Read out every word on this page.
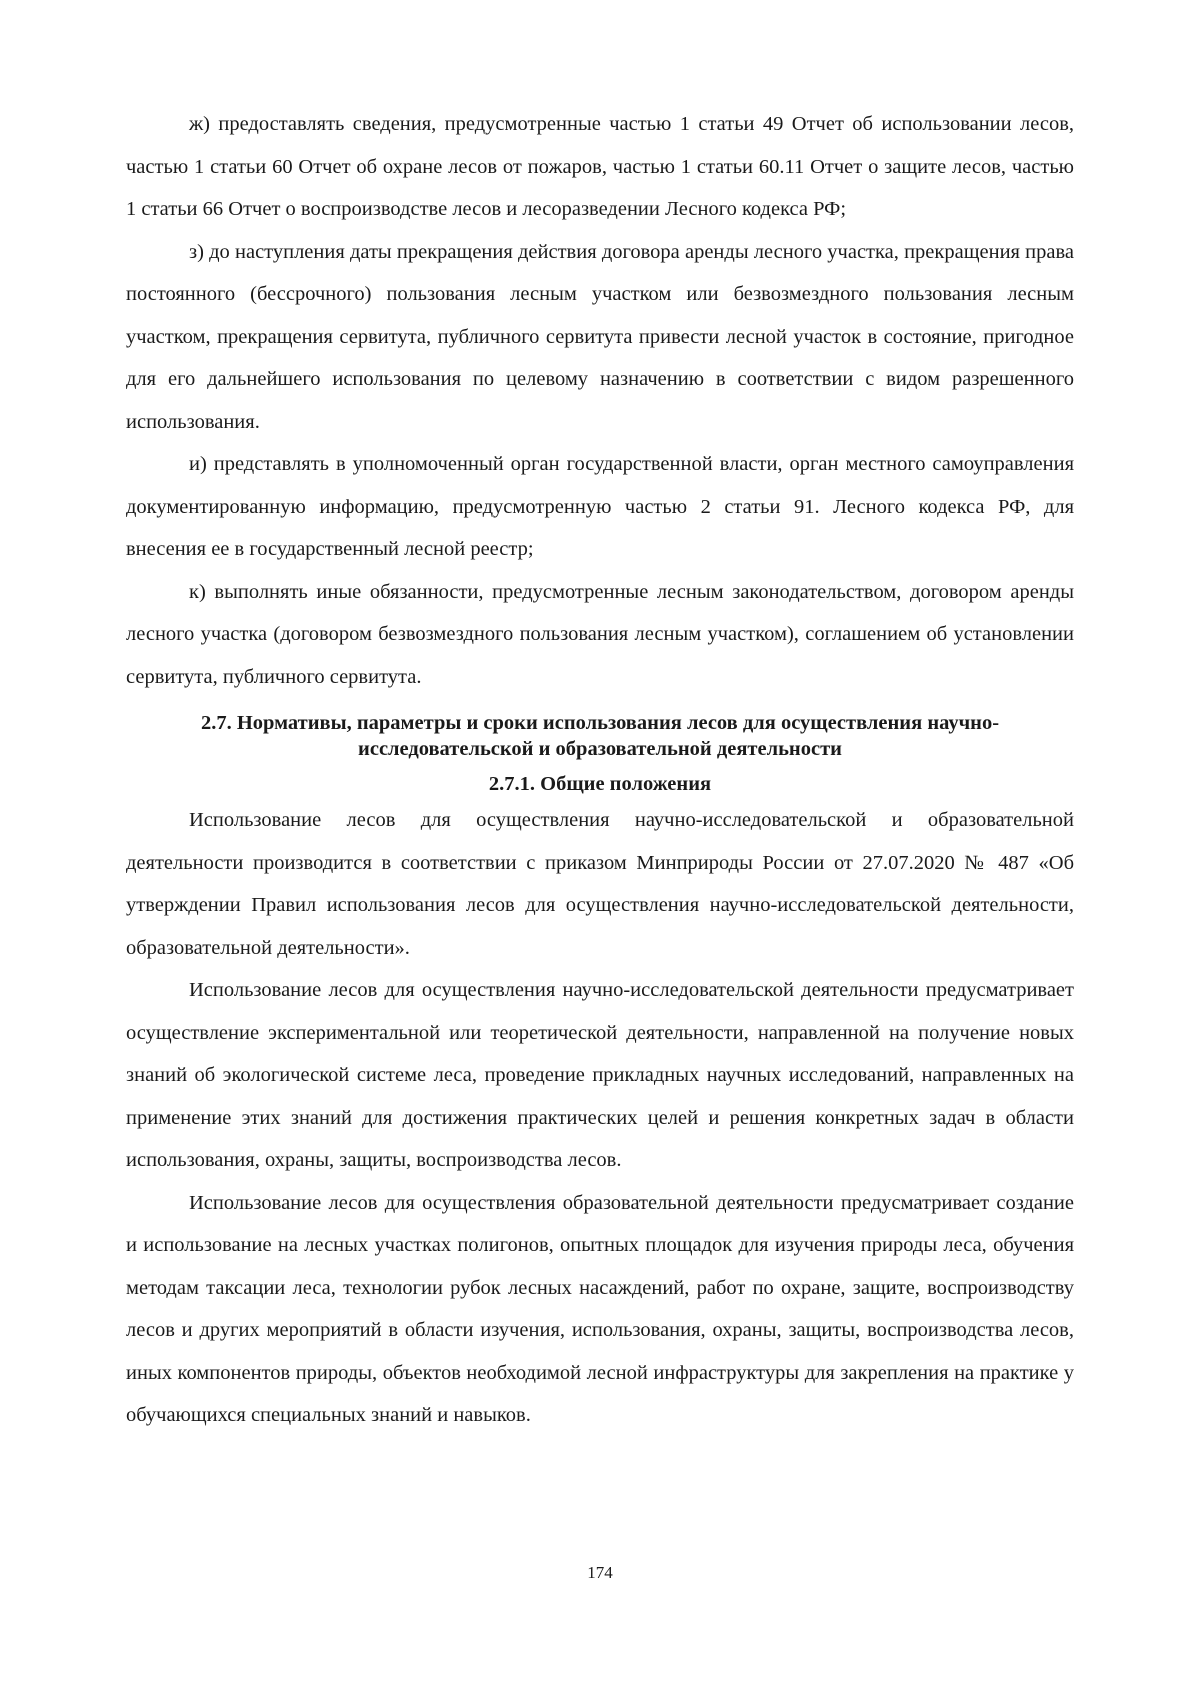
ж) предоставлять сведения, предусмотренные частью 1 статьи 49 Отчет об использовании лесов, частью 1 статьи 60 Отчет об охране лесов от пожаров, частью 1 статьи 60.11 Отчет о защите лесов, частью 1 статьи 66 Отчет о воспроизводстве лесов и лесоразведении Лесного кодекса РФ;

з) до наступления даты прекращения действия договора аренды лесного участка, прекращения права постоянного (бессрочного) пользования лесным участком или безвозмездного пользования лесным участком, прекращения сервитута, публичного сервитута привести лесной участок в состояние, пригодное для его дальнейшего использования по целевому назначению в соответствии с видом разрешенного использования.

и) представлять в уполномоченный орган государственной власти, орган местного самоуправления документированную информацию, предусмотренную частью 2 статьи 91. Лесного кодекса РФ, для внесения ее в государственный лесной реестр;

к) выполнять иные обязанности, предусмотренные лесным законодательством, договором аренды лесного участка (договором безвозмездного пользования лесным участком), соглашением об установлении сервитута, публичного сервитута.

2.7. Нормативы, параметры и сроки использования лесов для осуществления научно-исследовательской и образовательной деятельности
2.7.1. Общие положения

Использование лесов для осуществления научно-исследовательской и образовательной деятельности производится в соответствии с приказом Минприроды России от 27.07.2020 № 487 «Об утверждении Правил использования лесов для осуществления научно-исследовательской деятельности, образовательной деятельности».

Использование лесов для осуществления научно-исследовательской деятельности предусматривает осуществление экспериментальной или теоретической деятельности, направленной на получение новых знаний об экологической системе леса, проведение прикладных научных исследований, направленных на применение этих знаний для достижения практических целей и решения конкретных задач в области использования, охраны, защиты, воспроизводства лесов.

Использование лесов для осуществления образовательной деятельности предусматривает создание и использование на лесных участках полигонов, опытных площадок для изучения природы леса, обучения методам таксации леса, технологии рубок лесных насаждений, работ по охране, защите, воспроизводству лесов и других мероприятий в области изучения, использования, охраны, защиты, воспроизводства лесов, иных компонентов природы, объектов необходимой лесной инфраструктуры для закрепления на практике у обучающихся специальных знаний и навыков.

174
